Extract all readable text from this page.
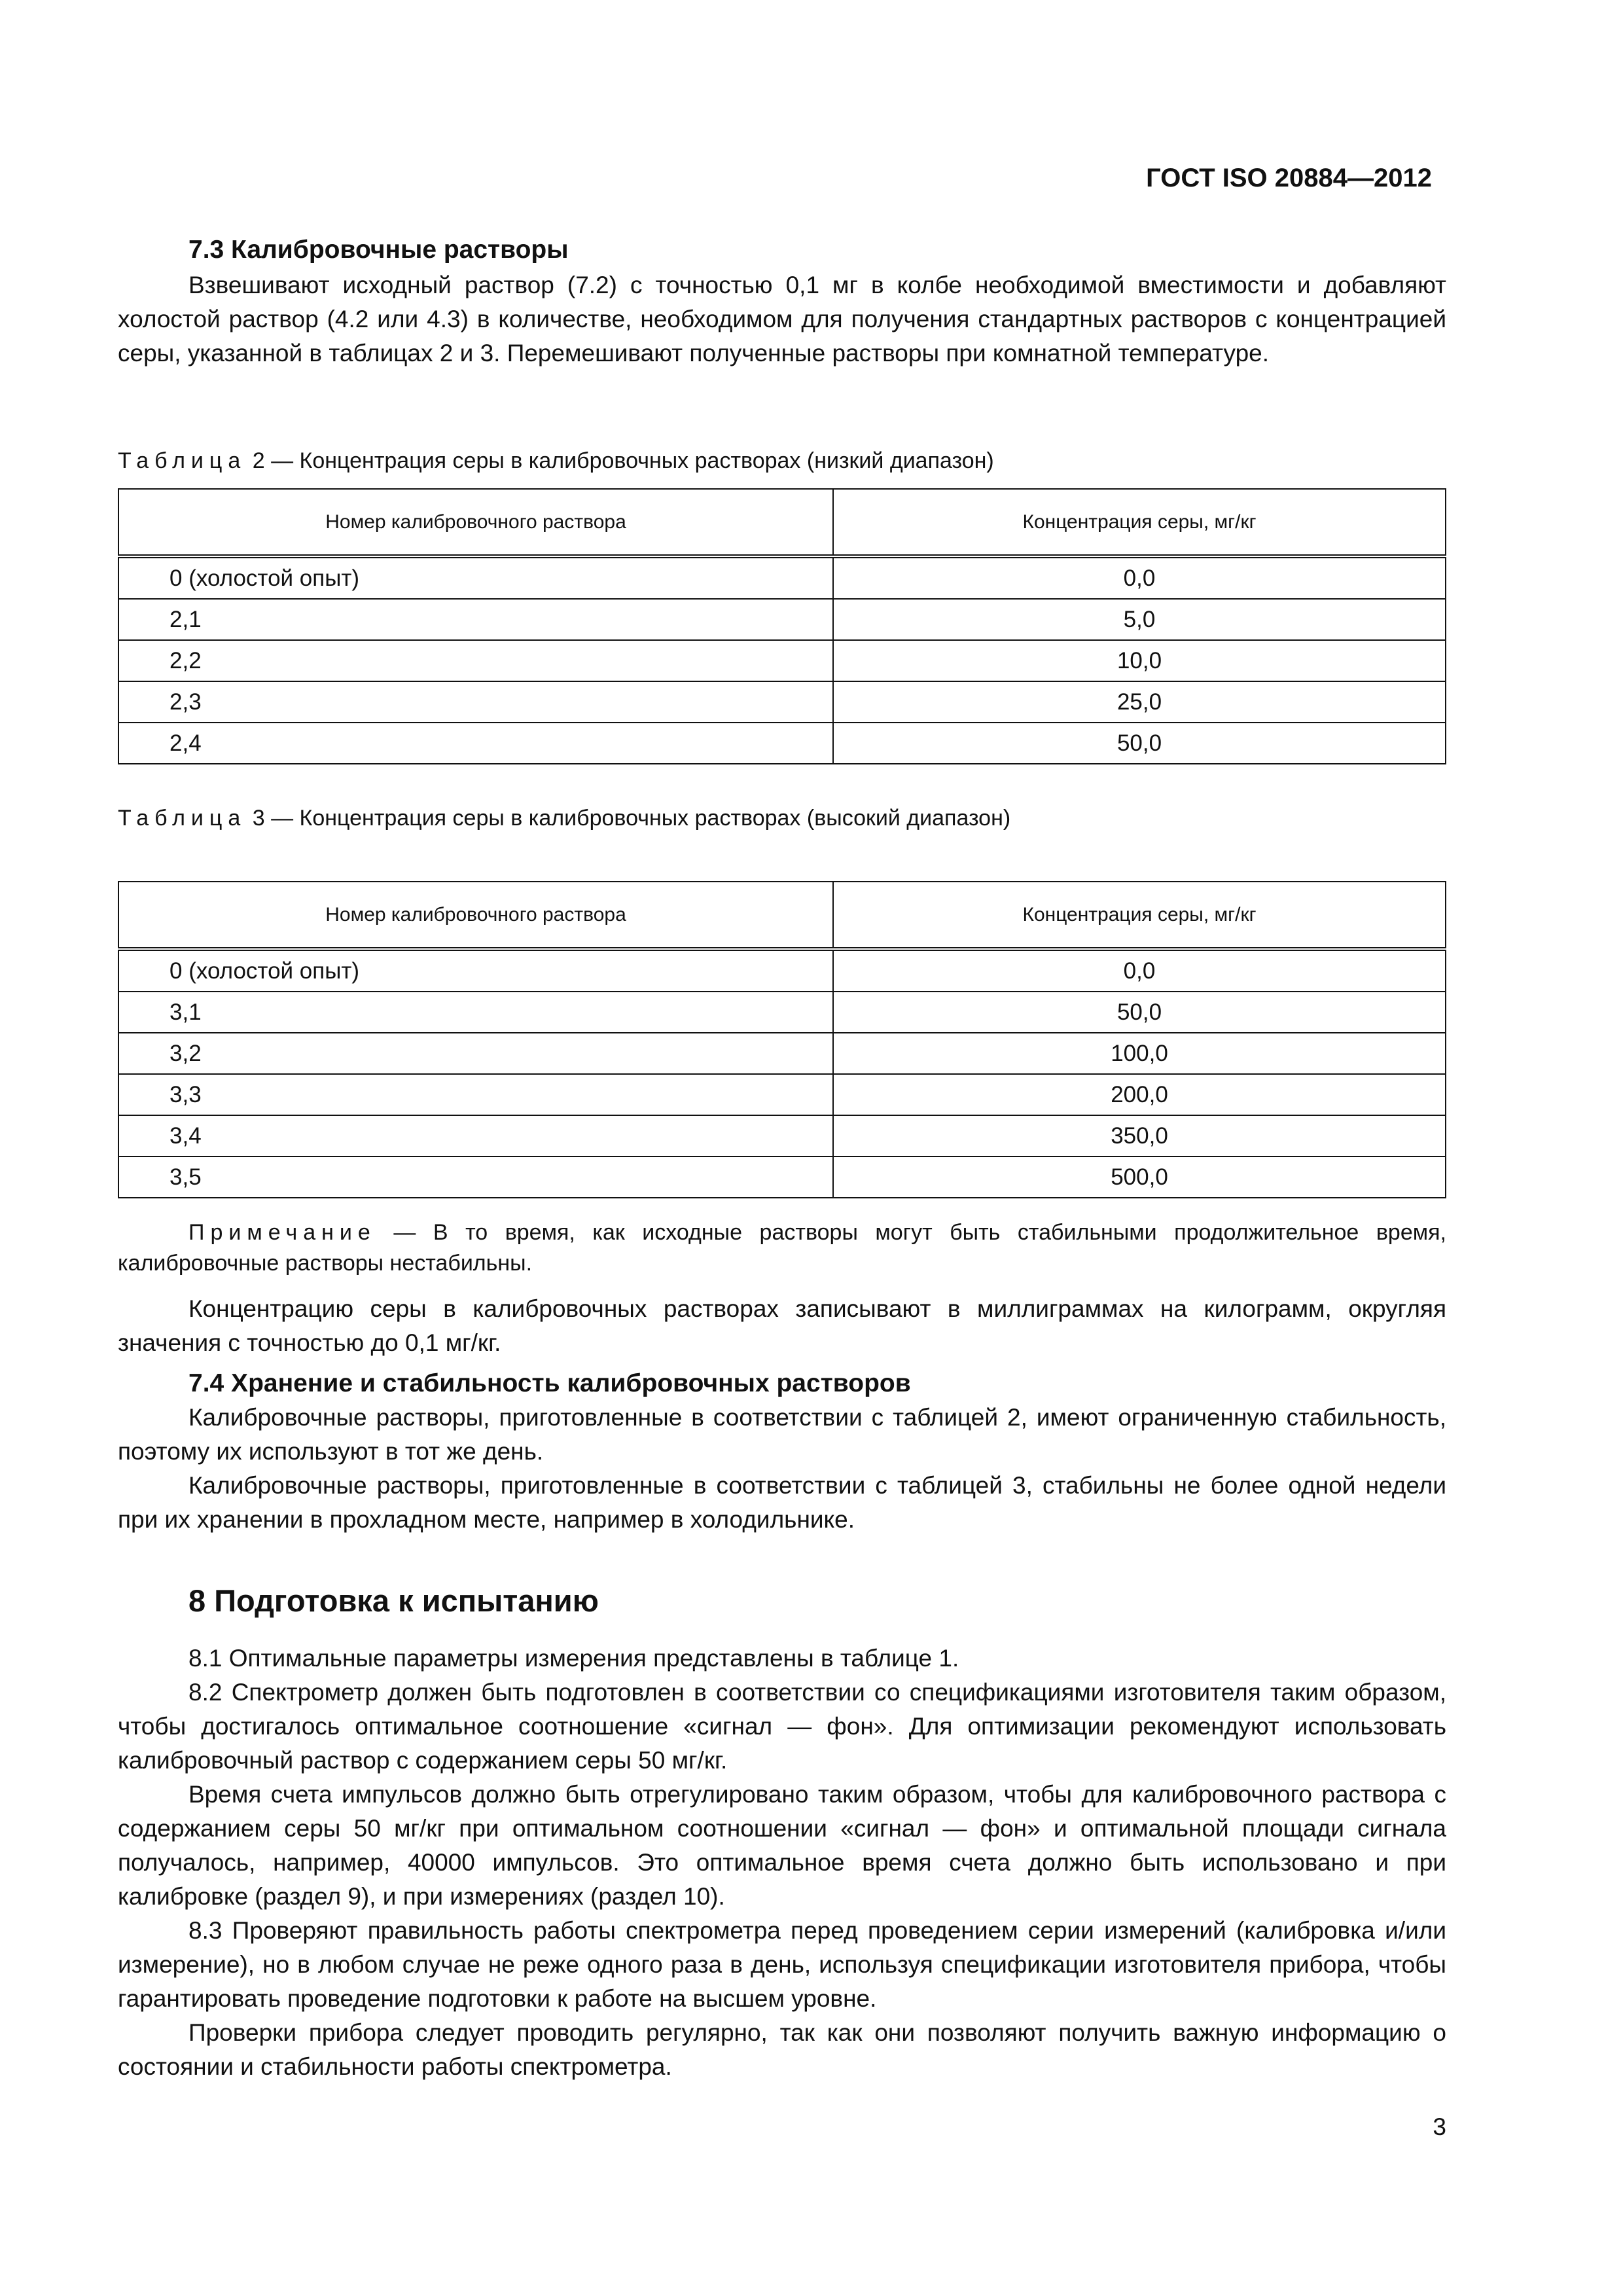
ГОСТ ISO 20884—2012
7.3 Калибровочные растворы

Взвешивают исходный раствор (7.2) с точностью 0,1 мг в колбе необходимой вместимости и добавляют холостой раствор (4.2 или 4.3) в количестве, необходимом для получения стандартных растворов с концентрацией серы, указанной в таблицах 2 и 3. Перемешивают полученные растворы при комнатной температуре.

Таблица 2 — Концентрация серы в калибровочных растворах (низкий диапазон)
Номер калибровочного раствора	Концентрация серы, мг/кг
0 (холостой опыт)	0,0
2,1	5,0
2,2	10,0
2,3	25,0
2,4	50,0
Таблица 3 — Концентрация серы в калибровочных растворах (высокий диапазон)
Номер калибровочного раствора	Концентрация серы, мг/кг
0 (холостой опыт)	0,0
3,1	50,0
3,2	100,0
3,3	200,0
3,4	350,0
3,5	500,0

Примечание — В то время, как исходные растворы могут быть стабильными продолжительное время, калибровочные растворы нестабильны.

Концентрацию серы в калибровочных растворах записывают в миллиграммах на килограмм, округляя значения с точностью до 0,1 мг/кг.

7.4 Хранение и стабильность калибровочных растворов

Калибровочные растворы, приготовленные в соответствии с таблицей 2, имеют ограниченную стабильность, поэтому их используют в тот же день.

Калибровочные растворы, приготовленные в соответствии с таблицей 3, стабильны не более одной недели при их хранении в прохладном месте, например в холодильнике.

8 Подготовка к испытанию

8.1 Оптимальные параметры измерения представлены в таблице 1.

8.2 Спектрометр должен быть подготовлен в соответствии со спецификациями изготовителя таким образом, чтобы достигалось оптимальное соотношение «сигнал — фон». Для оптимизации рекомендуют использовать калибровочный раствор с содержанием серы 50 мг/кг.

Время счета импульсов должно быть отрегулировано таким образом, чтобы для калибровочного раствора с содержанием серы 50 мг/кг при оптимальном соотношении «сигнал — фон» и оптимальной площади сигнала получалось, например, 40000 импульсов. Это оптимальное время счета должно быть использовано и при калибровке (раздел 9), и при измерениях (раздел 10).

8.3 Проверяют правильность работы спектрометра перед проведением серии измерений (калибровка и/или измерение), но в любом случае не реже одного раза в день, используя спецификации изготовителя прибора, чтобы гарантировать проведение подготовки к работе на высшем уровне.

Проверки прибора следует проводить регулярно, так как они позволяют получить важную информацию о состоянии и стабильности работы спектрометра.

3
